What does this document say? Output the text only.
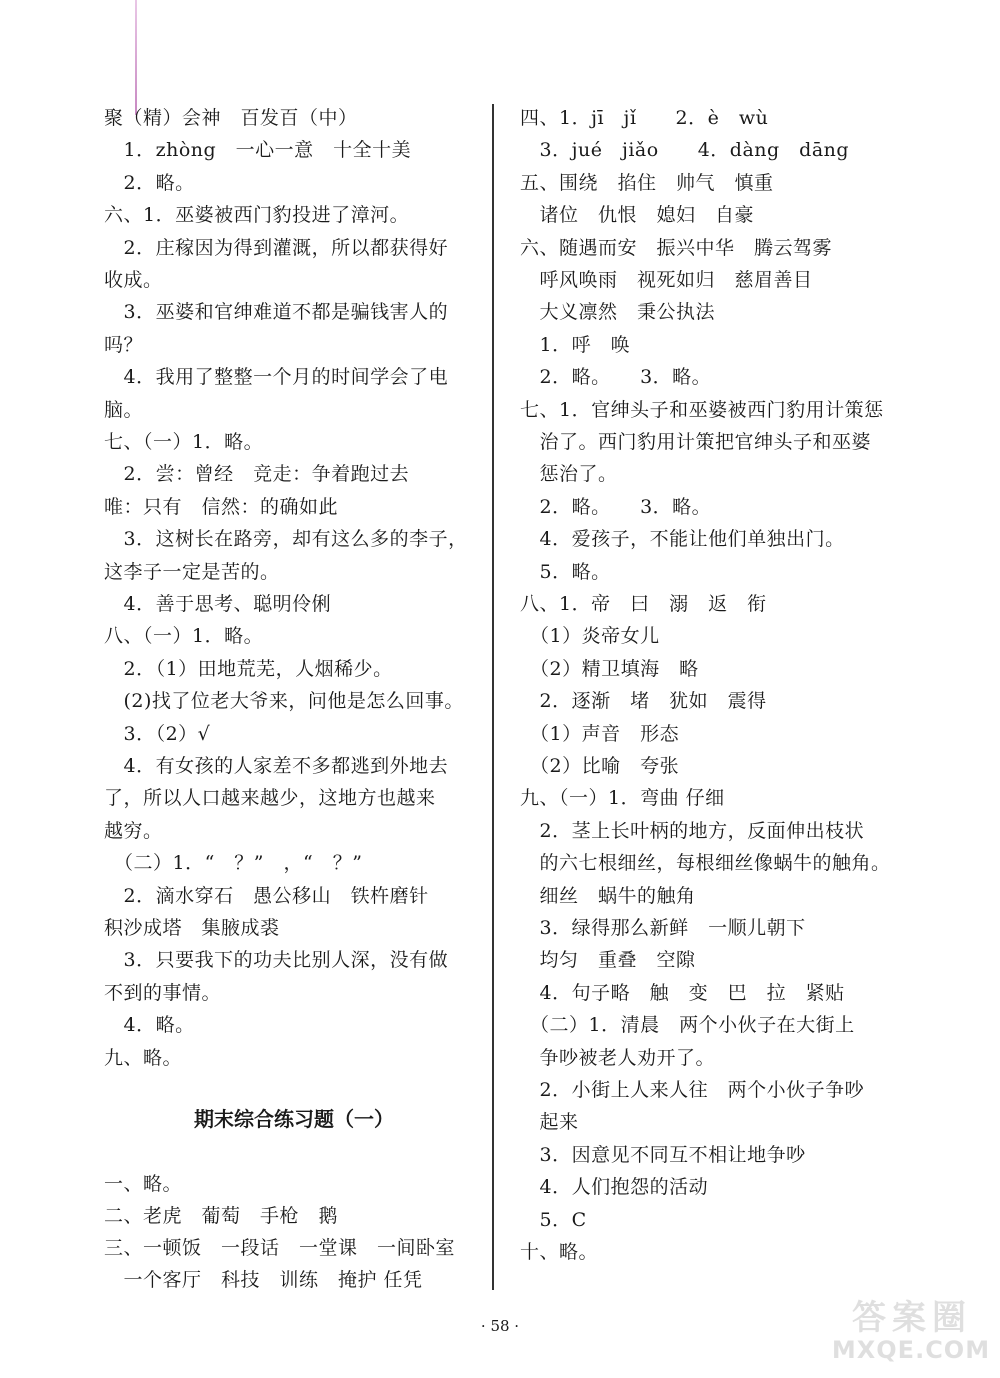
聚（精）会神　百发百（中）
　1．zhòng　一心一意　十全十美
　2．略。
六、1．巫婆被西门豹投进了漳河。
　2．庄稼因为得到灌溉，所以都获得好
收成。
　3．巫婆和官绅难道不都是骗钱害人的
吗？
　4．我用了整整一个月的时间学会了电
脑。
七、（一）1．略。
　2．尝：曾经　竞走：争着跑过去
唯：只有　信然：的确如此
　3．这树长在路旁，却有这么多的李子，
这李子一定是苦的。
　4．善于思考、聪明伶俐
八、（一）1．略。
　2．（1）田地荒芜，人烟稀少。
　(2)找了位老大爷来，问他是怎么回事。
　3．（2）√
　4．有女孩的人家差不多都逃到外地去
了，所以人口越来越少，这地方也越来
越穷。
　（二）1．“　？”　，“　？”
　2．滴水穿石　愚公移山　铁杵磨针
积沙成塔　集腋成裘
　3．只要我下的功夫比别人深，没有做
不到的事情。
　4．略。
九、略。
一、略。
二、老虎　葡萄　手枪　鹅
三、一顿饭　一段话　一堂课　一间卧室
　一个客厅　科技　训练　掩护 任凭
期末综合练习题（一）
四、1．jī　jǐ　　2．è　wù
　3．jué　jiǎo　　4．dàng　dāng
五、围绕　掐住　帅气　慎重
　诸位　仇恨　媳妇　自豪
六、随遇而安　振兴中华　腾云驾雾
　呼风唤雨　视死如归　慈眉善目
　大义凛然　秉公执法
　1．呼　唤
　2．略。　　3．略。
七、1．官绅头子和巫婆被西门豹用计策惩
　治了。西门豹用计策把官绅头子和巫婆
　惩治了。
　2．略。　　3．略。
　4．爱孩子，不能让他们单独出门。
　5．略。
八、1．帝　曰　溺　返　衔
　（1）炎帝女儿
　（2）精卫填海　略
　2．逐渐　堵　犹如　震得
　（1）声音　形态
　（2）比喻　夸张
九、（一）1．弯曲 仔细
　2．茎上长叶柄的地方，反面伸出枝状
　的六七根细丝，每根细丝像蜗牛的触角。
　细丝　蜗牛的触角
　3．绿得那么新鲜　一顺儿朝下
　均匀　重叠　空隙
　4．句子略　触　变　巴　拉　紧贴
　（二）1．清晨　两个小伙子在大街上
　争吵被老人劝开了。
　2．小街上人来人往　两个小伙子争吵
　起来
　3．因意见不同互不相让地争吵
　4．人们抱怨的活动
　5．C
十、略。
· 58 ·	答案圈
MXQE.COM
